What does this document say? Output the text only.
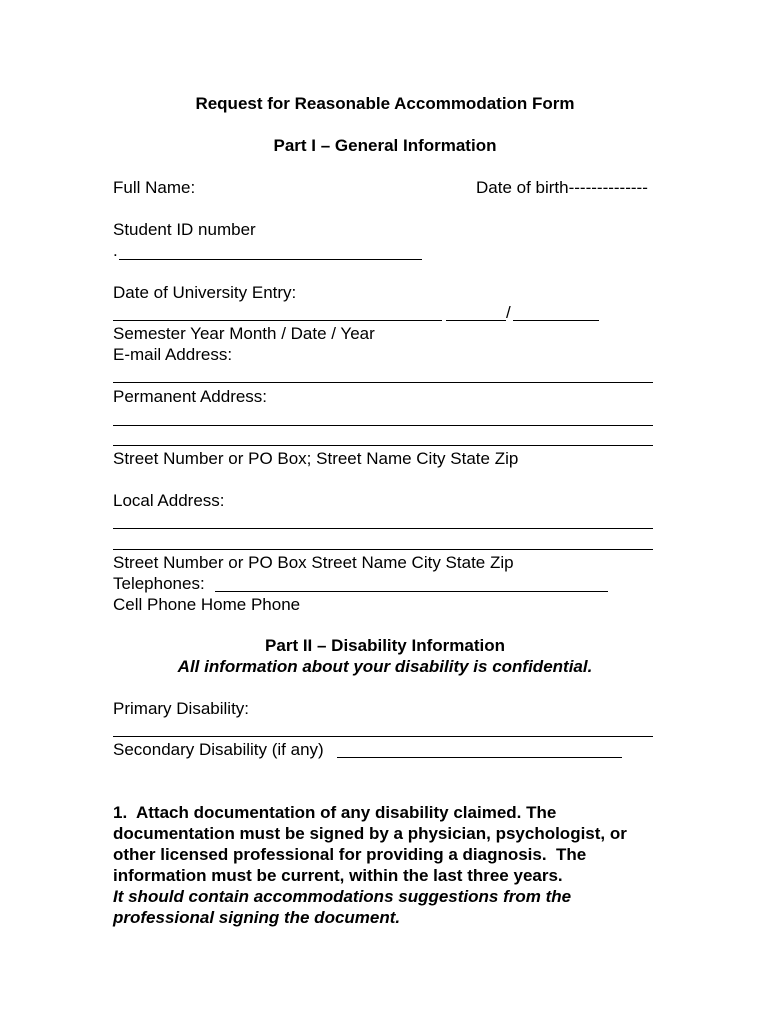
Request for Reasonable Accommodation Form
Part I – General Information
Full Name:	Date of birth--------------
Student ID number
.
Date of University Entry:
/
Semester Year Month / Date / Year
E-mail Address:
Permanent Address:
Street Number or PO Box; Street Name City State Zip
Local Address:
Street Number or PO Box Street Name City State Zip
Telephones:
Cell Phone Home Phone
Part II – Disability Information
All information about your disability is confidential.
Primary Disability:
Secondary Disability (if any)
1.  Attach documentation of any disability claimed. The
documentation must be signed by a physician, psychologist, or
other licensed professional for providing a diagnosis.  The
information must be current, within the last three years.
It should contain accommodations suggestions from the
professional signing the document.
